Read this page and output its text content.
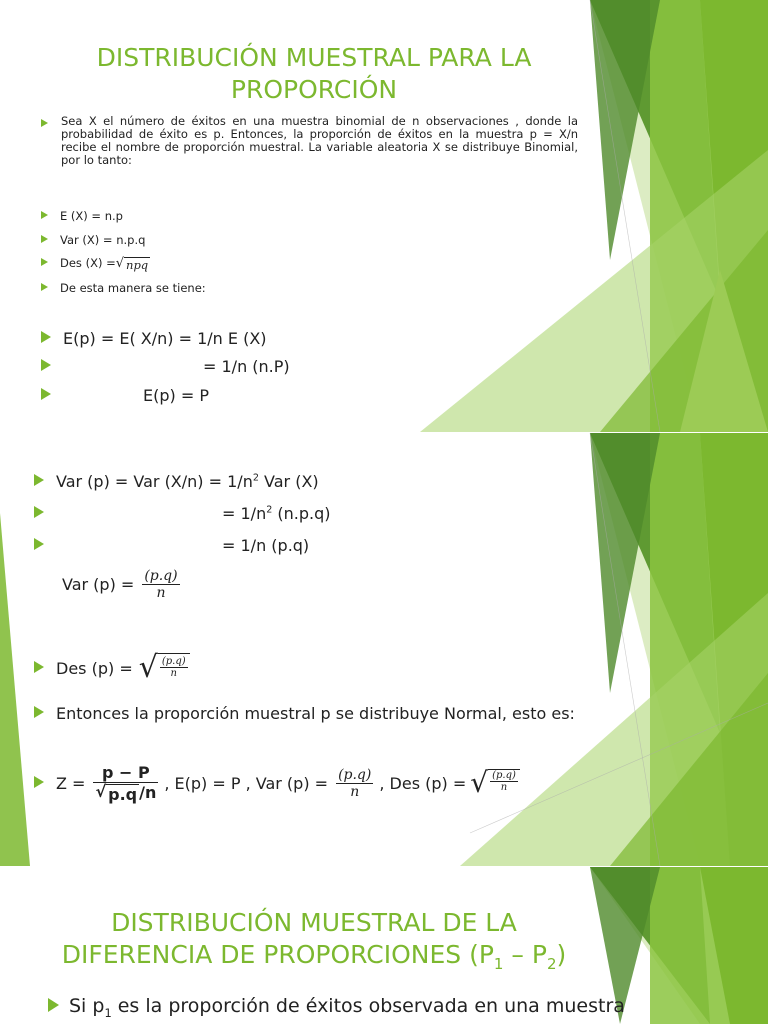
DISTRIBUCIÓN MUESTRAL PARA LA
PROPORCIÓN
Sea X el número de éxitos en una muestra binomial de n observaciones , donde la probabilidad de éxito es p. Entonces, la proporción de éxitos en la muestra p = X/n recibe el nombre de proporción muestral. La variable aleatoria X se distribuye Binomial, por lo tanto:
E (X) = n.p
Var (X) = n.p.q
Des (X) = √ npq
De esta manera se tiene:
E(p) = E( X/n) = 1/n E (X)
= 1/n (n.P)
E(p) = P
Var (p) = Var $(X/n) = 1/n^2$ Var (X)
= $1/n^2$ (n.p.q)
= 1/n (p.q)
Var $(p) = \frac{(p.q)}{n}$
Des (p) = √ $\frac{(p.q)}{n}$
Entonces la proporción muestral p se distribuye Normal, esto es:
$Z = \frac{p - P}{√ p.q /n}$ , E(p) = P , Var $(p) = \frac{(p.q)}{n}$ , Des (p) = √ $\frac{(p.q)}{n}$
DISTRIBUCIÓN MUESTRAL DE LA
DIFERENCIA DE PROPORCIONES $(P_1 - P_2)$
Si $p_1$ es la proporción de éxitos observada en una muestra
